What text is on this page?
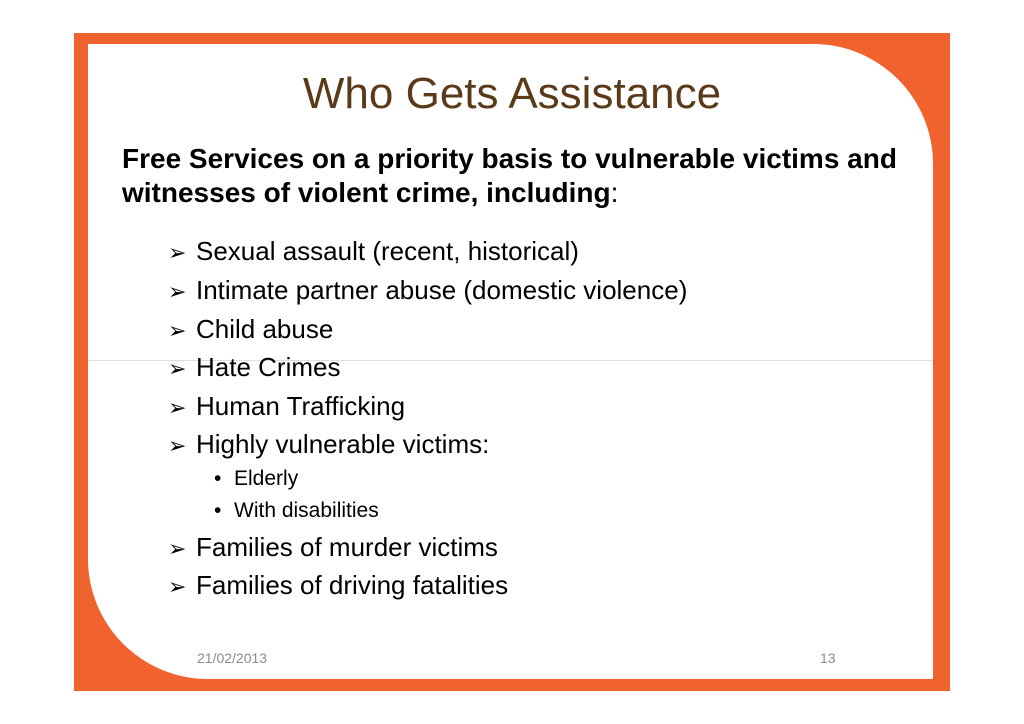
Who Gets Assistance
Free Services on a priority basis to vulnerable victims and witnesses of violent crime, including:
➢ Sexual assault (recent, historical)
➢ Intimate partner abuse (domestic violence)
➢ Child abuse
➢ Hate Crimes
➢ Human Trafficking
➢ Highly vulnerable victims:
• Elderly
• With disabilities
➢ Families of murder victims
➢ Families of driving fatalities
21/02/2013	13
